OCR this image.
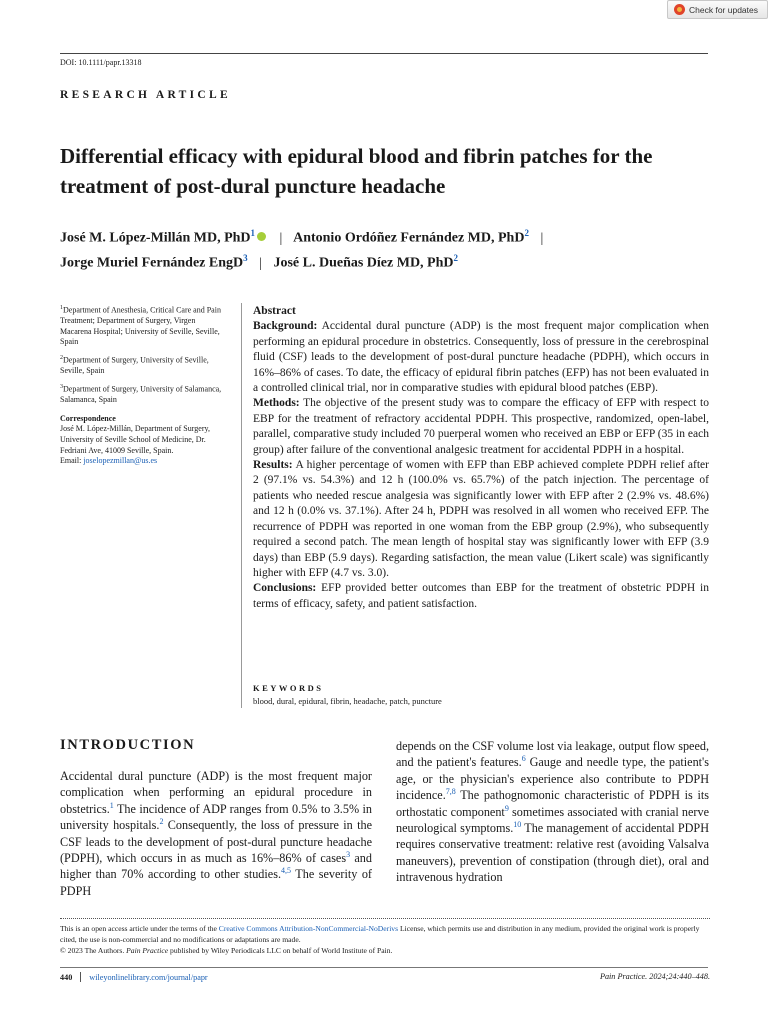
Check for updates
DOI: 10.1111/papr.13318
RESEARCH ARTICLE
Differential efficacy with epidural blood and fibrin patches for the treatment of post-dural puncture headache
José M. López-Millán MD, PhD$^1$ | Antonio Ordóñez Fernández MD, PhD$^2$ |
Jorge Muriel Fernández EngD$^3$ | José L. Dueñas Díez MD, PhD$^2$

$^1$Department of Anesthesia, Critical Care and Pain Treatment; Department of Surgery, Virgen Macarena Hospital; University of Seville, Seville, Spain

$^2$Department of Surgery, University of Seville, Seville, Spain

$^3$Department of Surgery, University of Salamanca, Salamanca, Spain

Correspondence

José M. López-Millán, Department of Surgery, University of Seville School of Medicine, Dr. Fedriani Ave, 41009 Seville, Spain.
Email: joselopezmillan@us.es

Abstract

Background: Accidental dural puncture (ADP) is the most frequent major complication when performing an epidural procedure in obstetrics. Consequently, loss of pressure in the cerebrospinal fluid (CSF) leads to the development of post-dural puncture headache (PDPH), which occurs in 16%–86% of cases. To date, the efficacy of epidural fibrin patches (EFP) has not been evaluated in a controlled clinical trial, nor in comparative studies with epidural blood patches (EBP).

Methods: The objective of the present study was to compare the efficacy of EFP with respect to EBP for the treatment of refractory accidental PDPH. This prospective, randomized, open-label, parallel, comparative study included 70 puerperal women who received an EBP or EFP (35 in each group) after failure of the conventional analgesic treatment for accidental PDPH in a hospital.

Results: A higher percentage of women with EFP than EBP achieved complete PDPH relief after 2 (97.1% vs. 54.3%) and 12 h (100.0% vs. 65.7%) of the patch injection. The percentage of patients who needed rescue analgesia was significantly lower with EFP after 2 (2.9% vs. 48.6%) and 12 h (0.0% vs. 37.1%). After 24 h, PDPH was resolved in all women who received EFP. The recurrence of PDPH was reported in one woman from the EBP group (2.9%), who subsequently required a second patch. The mean length of hospital stay was significantly lower with EFP (3.9 days) than EBP (5.9 days). Regarding satisfaction, the mean value (Likert scale) was significantly higher with EFP (4.7 vs. 3.0).

Conclusions: EFP provided better outcomes than EBP for the treatment of obstetric PDPH in terms of efficacy, safety, and patient satisfaction.

KEYWORDS
blood, dural, epidural, fibrin, headache, patch, puncture
INTRODUCTION
Accidental dural puncture (ADP) is the most frequent major complication when performing an epidural procedure in obstetrics.$^1$ The incidence of ADP ranges from 0.5% to 3.5% in university hospitals.$^2$ Consequently, the loss of pressure in the CSF leads to the development of post-dural puncture headache (PDPH), which occurs in as much as 16%–86% of cases$^3$ and higher than 70% according to other studies.$^{4,5}$ The severity of PDPH
depends on the CSF volume lost via leakage, output flow speed, and the patient's features.$^6$ Gauge and needle type, the patient's age, or the physician's experience also contribute to PDPH incidence.$^{7,8}$ The pathognomonic characteristic of PDPH is its orthostatic component$^9$ sometimes associated with cranial nerve neurological symptoms.$^{10}$ The management of accidental PDPH requires conservative treatment: relative rest (avoiding Valsalva maneuvers), prevention of constipation (through diet), oral and intravenous hydration
This is an open access article under the terms of the Creative Commons Attribution-NonCommercial-NoDerivs License, which permits use and distribution in any medium, provided the original work is properly cited, the use is non-commercial and no modifications or adaptations are made.
© 2023 The Authors. Pain Practice published by Wiley Periodicals LLC on behalf of World Institute of Pain.
440 wileyonlinelibrary.com/journal/papr	Pain Practice. 2024;24:440–448.
